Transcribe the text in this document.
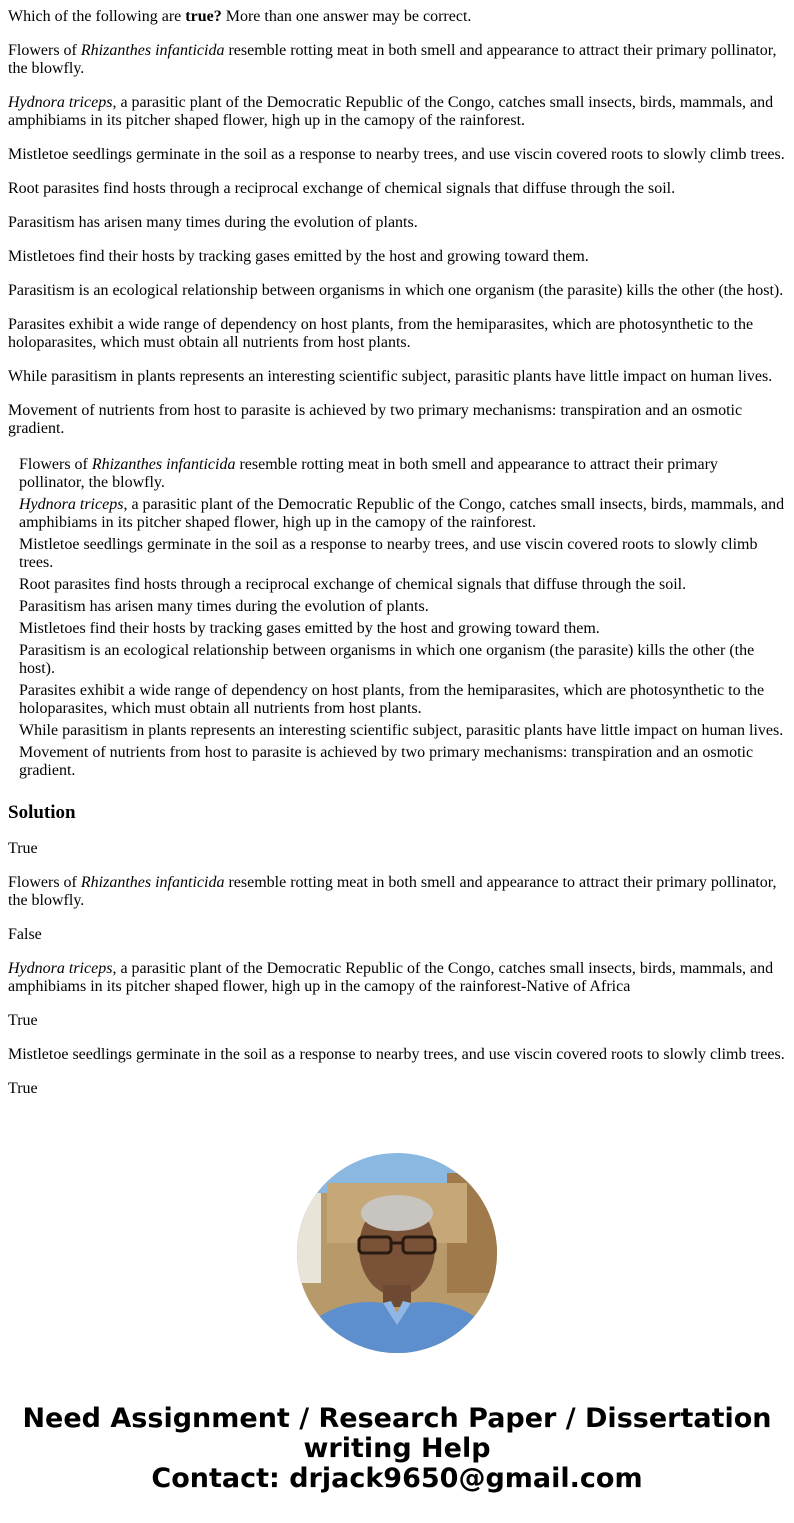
Which of the following are true? More than one answer may be correct.

Flowers of Rhizanthes infanticida resemble rotting meat in both smell and appearance to attract their primary pollinator, the blowfly.

Hydnora triceps, a parasitic plant of the Democratic Republic of the Congo, catches small insects, birds, mammals, and amphibiams in its pitcher shaped flower, high up in the camopy of the rainforest.

Mistletoe seedlings germinate in the soil as a response to nearby trees, and use viscin covered roots to slowly climb trees.

Root parasites find hosts through a reciprocal exchange of chemical signals that diffuse through the soil.

Parasitism has arisen many times during the evolution of plants.

Mistletoes find their hosts by tracking gases emitted by the host and growing toward them.

Parasitism is an ecological relationship between organisms in which one organism (the parasite) kills the other (the host).

Parasites exhibit a wide range of dependency on host plants, from the hemiparasites, which are photosynthetic to the holoparasites, which must obtain all nutrients from host plants.

While parasitism in plants represents an interesting scientific subject, parasitic plants have little impact on human lives.

Movement of nutrients from host to parasite is achieved by two primary mechanisms: transpiration and an osmotic gradient.

Flowers of Rhizanthes infanticida resemble rotting meat in both smell and appearance to attract their primary pollinator, the blowfly.
Hydnora triceps, a parasitic plant of the Democratic Republic of the Congo, catches small insects, birds, mammals, and amphibiams in its pitcher shaped flower, high up in the camopy of the rainforest.
Mistletoe seedlings germinate in the soil as a response to nearby trees, and use viscin covered roots to slowly climb trees.
Root parasites find hosts through a reciprocal exchange of chemical signals that diffuse through the soil.
Parasitism has arisen many times during the evolution of plants.
Mistletoes find their hosts by tracking gases emitted by the host and growing toward them.
Parasitism is an ecological relationship between organisms in which one organism (the parasite) kills the other (the host).
Parasites exhibit a wide range of dependency on host plants, from the hemiparasites, which are photosynthetic to the holoparasites, which must obtain all nutrients from host plants.
While parasitism in plants represents an interesting scientific subject, parasitic plants have little impact on human lives.
Movement of nutrients from host to parasite is achieved by two primary mechanisms: transpiration and an osmotic gradient.
Solution

True

Flowers of Rhizanthes infanticida resemble rotting meat in both smell and appearance to attract their primary pollinator, the blowfly.

False

Hydnora triceps, a parasitic plant of the Democratic Republic of the Congo, catches small insects, birds, mammals, and amphibiams in its pitcher shaped flower, high up in the camopy of the rainforest-Native of Africa

True

Mistletoe seedlings germinate in the soil as a response to nearby trees, and use viscin covered roots to slowly climb trees.

True

Need Assignment / Research Paper / Dissertation
writing Help
Contact: drjack9650@gmail.com
